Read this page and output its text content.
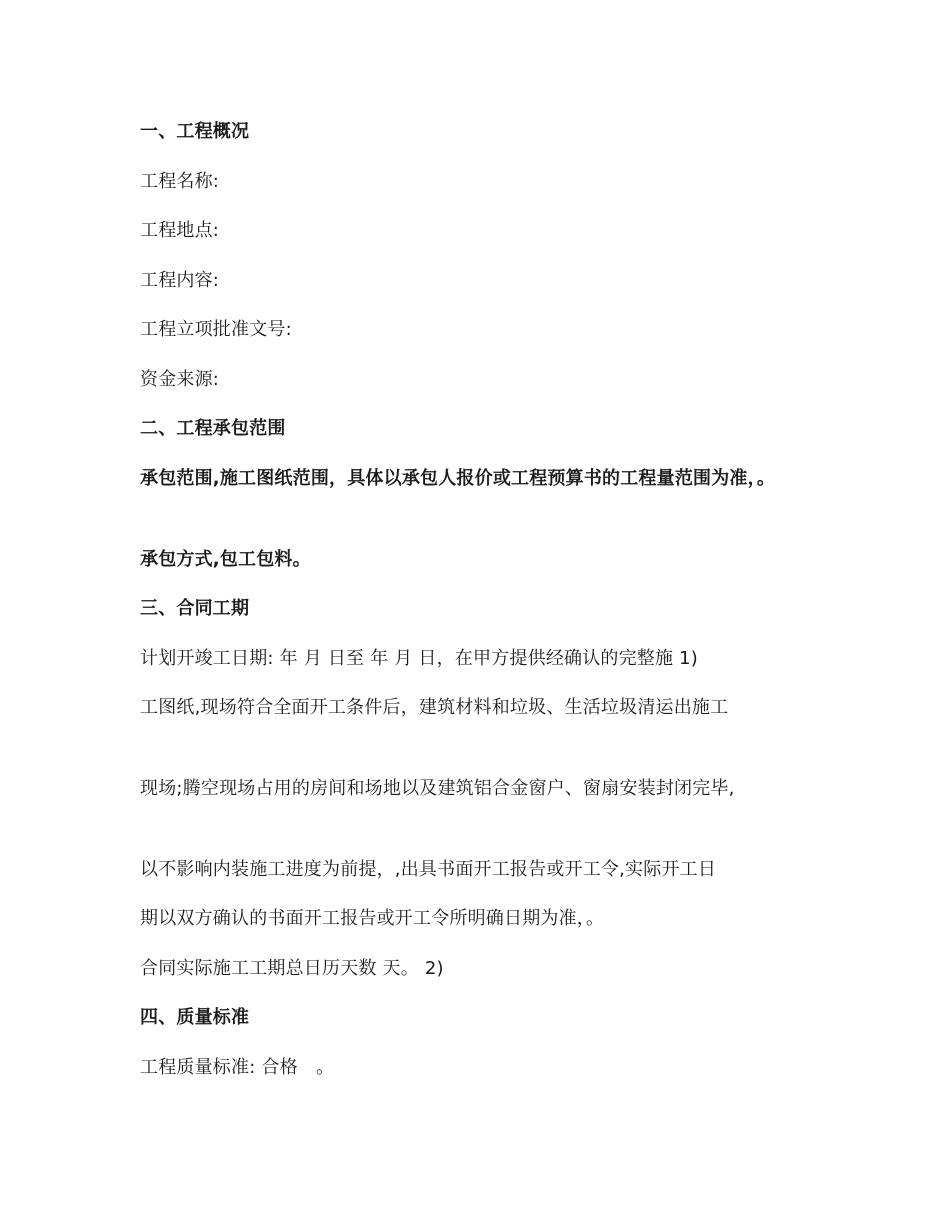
一、工程概况
工程名称:
工程地点:
工程内容:
工程立项批准文号:
资金来源:
二、工程承包范围
承包范围,施工图纸范围，具体以承包人报价或工程预算书的工程量范围为准，。
承包方式,包工包料。
三、合同工期
计划开竣工日期: 年 月 日至 年 月 日，在甲方提供经确认的完整施 1)
工图纸,现场符合全面开工条件后，建筑材料和垃圾、生活垃圾清运出施工
现场;腾空现场占用的房间和场地以及建筑铝合金窗户、窗扇安装封闭完毕,
以不影响内装施工进度为前提，,出具书面开工报告或开工令,实际开工日
期以双方确认的书面开工报告或开工令所明确日期为准，。
合同实际施工工期总日历天数 天。 2)
四、质量标准
工程质量标准: 合格　。
